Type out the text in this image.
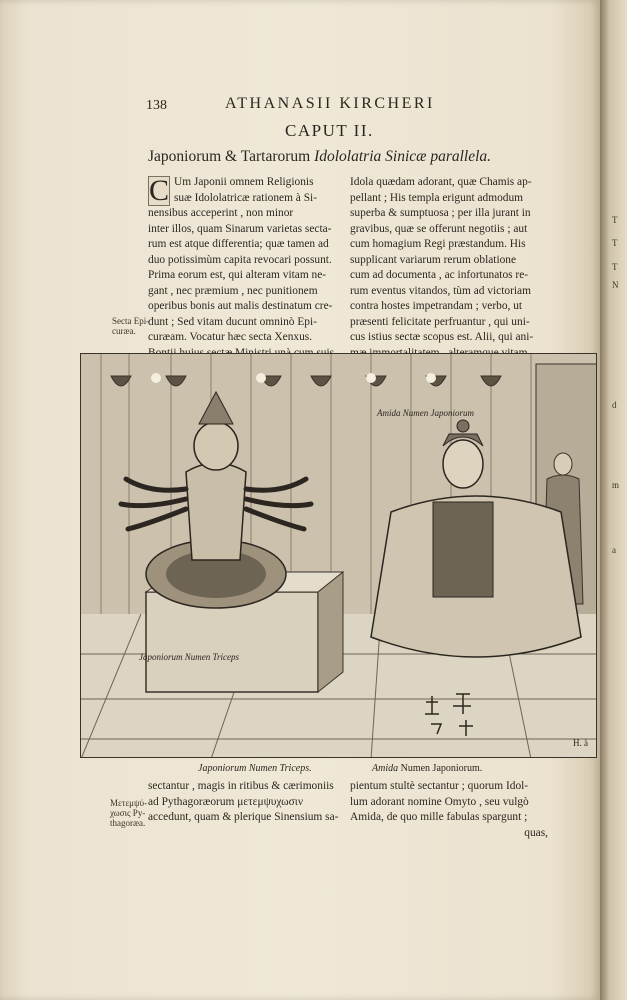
138	ATHANASII KIRCHERI
CAPUT II.
Japoniorum & Tartarorum Idololatria Sinicæ parallela.
C Um Japonii omnem Religionis
suæ Idololatricæ rationem à Si-
nensibus acceperint , non minor
inter illos, quam Sinarum varietas secta-
rum est atque differentia; quæ tamen ad
duo potissimùm capita revocari possunt.
Prima eorum est, qui alteram vitam ne-
gant , nec præmium , nec punitionem
operibus bonis aut malis destinatum cre-
dunt ; Sed vitam ducunt omninò Epi-
curæam. Vocatur hæc secta Xenxus.
Idola quædam adorant, quæ Chamis ap-
pellant ; His templa erigunt admodum
superba & sumptuosa ; per illa jurant in
gravibus, quæ se offerunt negotiis ; aut
cum homagium Regi præstandum. His
supplicant variarum rerum oblatione
cum ad documenta , ac infortunatos re-
rum eventus vitandos, tùm ad victoriam
contra hostes impetrandam ; verbo, ut
præsenti felicitate perfruantur , qui uni-
cus istius sectæ scopus est. Alii, qui ani-
Secta Epi-
curæa.
Japoniorum Numen Triceps
Amida Numen Japoniorum
H. à
Japoniorum Numen Triceps.	Amida Numen Japoniorum.
sectantur , magis in ritibus & cærimoniis
ad Pythagoræorum μετεμψυχωσιν
accedunt, quam & plerique Sinensium sa-
pientum stultè sectantur ; quorum Idol-
lum adorant nomine Omyto , seu vulgò
Amida, de quo mille fabulas spargunt ;
quas,
Μετεμψύ-
χωσις Py-
thagoræa.
T
T
T
N
d
m
a
